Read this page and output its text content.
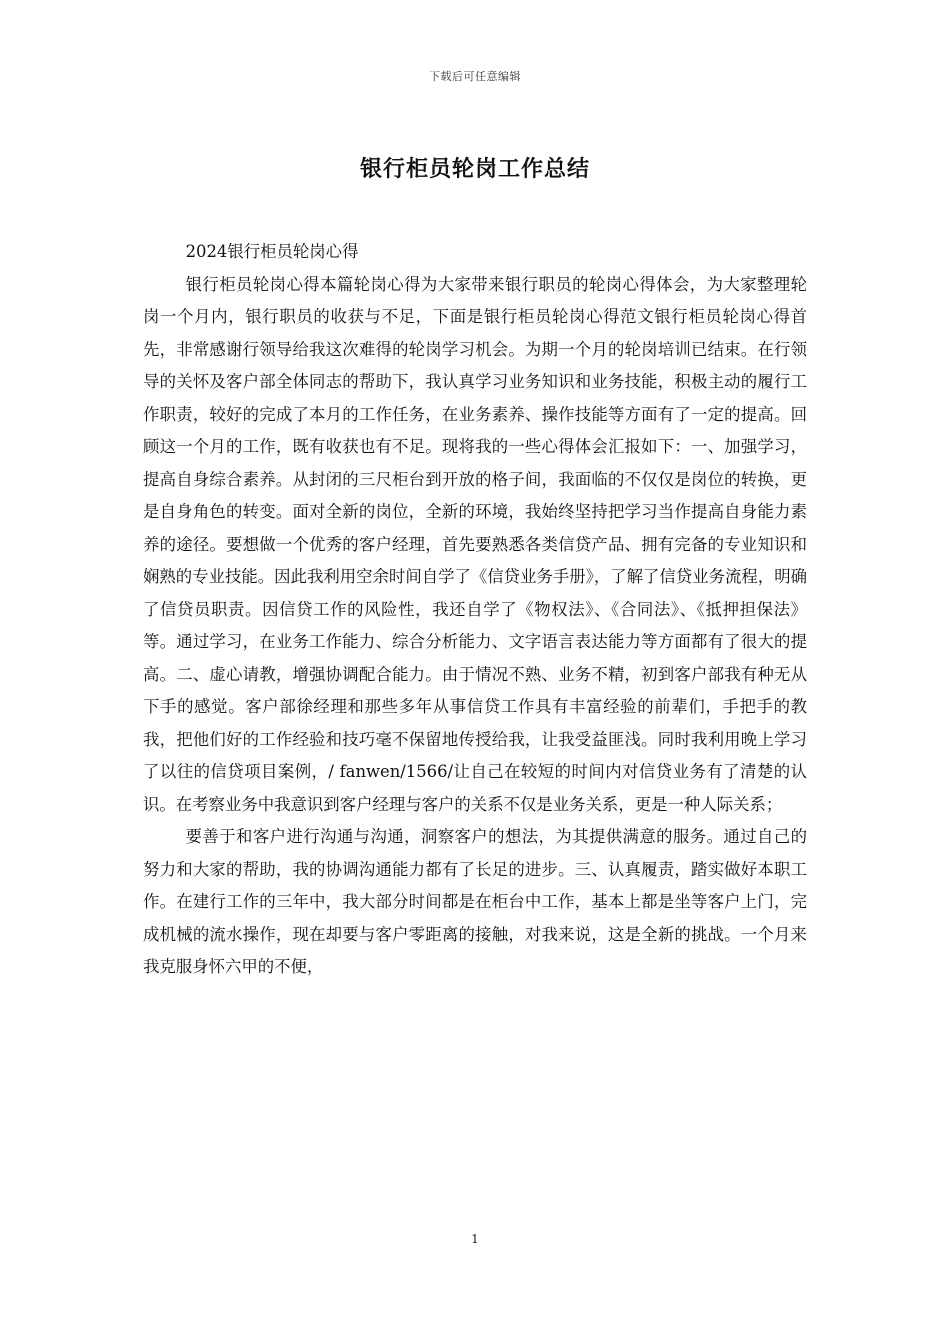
下载后可任意编辑
银行柜员轮岗工作总结

2024银行柜员轮岗心得

银行柜员轮岗心得本篇轮岗心得为大家带来银行职员的轮岗心得体会，为大家整理轮岗一个月内，银行职员的收获与不足，下面是银行柜员轮岗心得范文银行柜员轮岗心得首先，非常感谢行领导给我这次难得的轮岗学习机会。为期一个月的轮岗培训已结束。在行领导的关怀及客户部全体同志的帮助下，我认真学习业务知识和业务技能，积极主动的履行工作职责，较好的完成了本月的工作任务，在业务素养、操作技能等方面有了一定的提高。回顾这一个月的工作，既有收获也有不足。现将我的一些心得体会汇报如下：一、加强学习，提高自身综合素养。从封闭的三尺柜台到开放的格子间，我面临的不仅仅是岗位的转换，更是自身角色的转变。面对全新的岗位，全新的环境，我始终坚持把学习当作提高自身能力素养的途径。要想做一个优秀的客户经理，首先要熟悉各类信贷产品、拥有完备的专业知识和娴熟的专业技能。因此我利用空余时间自学了《信贷业务手册》，了解了信贷业务流程，明确了信贷员职责。因信贷工作的风险性，我还自学了《物权法》、《合同法》、《抵押担保法》等。通过学习，在业务工作能力、综合分析能力、文字语言表达能力等方面都有了很大的提高。二、虚心请教，增强协调配合能力。由于情况不熟、业务不精，初到客户部我有种无从下手的感觉。客户部徐经理和那些多年从事信贷工作具有丰富经验的前辈们，手把手的教我，把他们好的工作经验和技巧毫不保留地传授给我，让我受益匪浅。同时我利用晚上学习了以往的信贷项目案例，/ fanwen/1566/让自己在较短的时间内对信贷业务有了清楚的认识。在考察业务中我意识到客户经理与客户的关系不仅是业务关系，更是一种人际关系；

要善于和客户进行沟通与沟通，洞察客户的想法，为其提供满意的服务。通过自己的努力和大家的帮助，我的协调沟通能力都有了长足的进步。三、认真履责，踏实做好本职工作。在建行工作的三年中，我大部分时间都是在柜台中工作，基本上都是坐等客户上门，完成机械的流水操作，现在却要与客户零距离的接触，对我来说，这是全新的挑战。一个月来我克服身怀六甲的不便，

1
